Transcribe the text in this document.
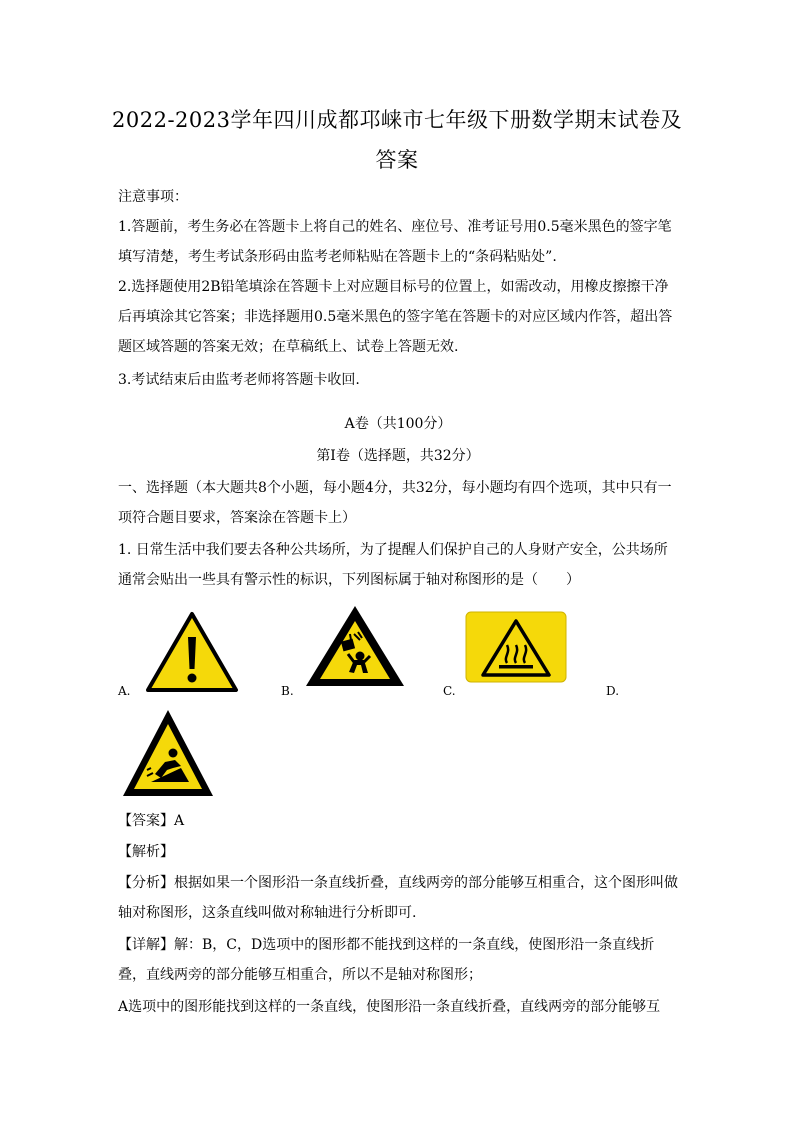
2022-2023学年四川成都邛崃市七年级下册数学期末试卷及
答案

注意事项：

1.答题前，考生务必在答题卡上将自己的姓名、座位号、准考证号用0.5毫米黑色的签字笔填写清楚，考生考试条形码由监考老师粘贴在答题卡上的“条码粘贴处”.

2.选择题使用2B铅笔填涂在答题卡上对应题目标号的位置上，如需改动，用橡皮擦擦干净后再填涂其它答案；非选择题用0.5毫米黑色的签字笔在答题卡的对应区域内作答，超出答题区域答题的答案无效；在草稿纸上、试卷上答题无效.

3.考试结束后由监考老师将答题卡收回.

A卷（共100分）

第Ⅰ卷（选择题，共32分）

一、选择题（本大题共8个小题，每小题4分，共32分，每小题均有四个选项，其中只有一项符合题目要求，答案涂在答题卡上）

1. 日常生活中我们要去各种公共场所，为了提醒人们保护自己的人身财产安全，公共场所通常会贴出一些具有警示性的标识，下列图标属于轴对称图形的是（　　）

A.	B.	C.	D.

【答案】A

【解析】

【分析】根据如果一个图形沿一条直线折叠，直线两旁的部分能够互相重合，这个图形叫做轴对称图形，这条直线叫做对称轴进行分析即可.

【详解】解：B，C，D选项中的图形都不能找到这样的一条直线，使图形沿一条直线折叠，直线两旁的部分能够互相重合，所以不是轴对称图形；

A选项中的图形能找到这样的一条直线，使图形沿一条直线折叠，直线两旁的部分能够互
